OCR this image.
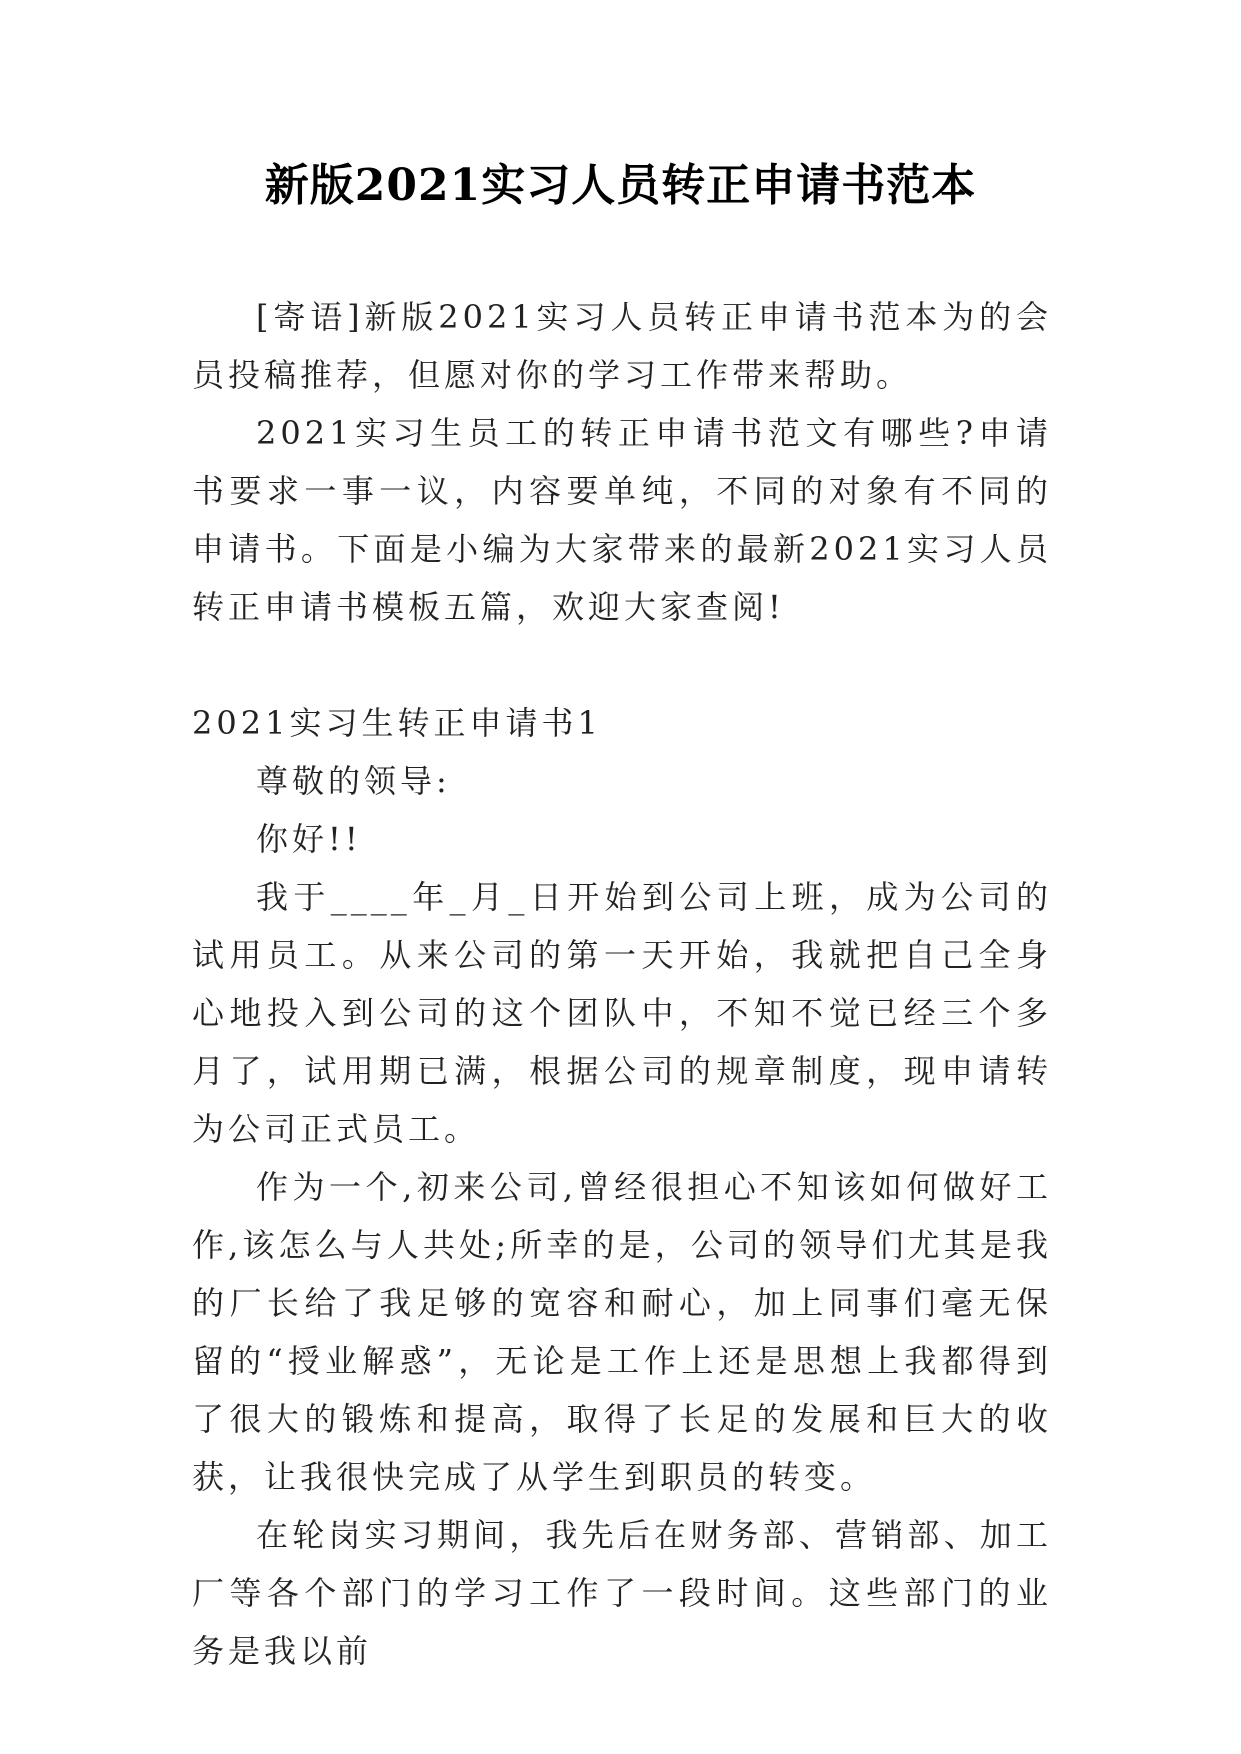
新版2021实习人员转正申请书范本

[寄语]新版2021实习人员转正申请书范本为的会员投稿推荐，但愿对你的学习工作带来帮助。

2021实习生员工的转正申请书范文有哪些?申请书要求一事一议，内容要单纯，不同的对象有不同的申请书。下面是小编为大家带来的最新2021实习人员转正申请书模板五篇，欢迎大家查阅!

2021实习生转正申请书1

尊敬的领导:

你好!!

我于____年_月_日开始到公司上班，成为公司的试用员工。从来公司的第一天开始，我就把自己全身心地投入到公司的这个团队中，不知不觉已经三个多月了，试用期已满，根据公司的规章制度，现申请转为公司正式员工。

作为一个,初来公司,曾经很担心不知该如何做好工作,该怎么与人共处;所幸的是，公司的领导们尤其是我的厂长给了我足够的宽容和耐心，加上同事们毫无保留的“授业解惑”，无论是工作上还是思想上我都得到了很大的锻炼和提高，取得了长足的发展和巨大的收获，让我很快完成了从学生到职员的转变。

在轮岗实习期间，我先后在财务部、营销部、加工厂等各个部门的学习工作了一段时间。这些部门的业务是我以前
